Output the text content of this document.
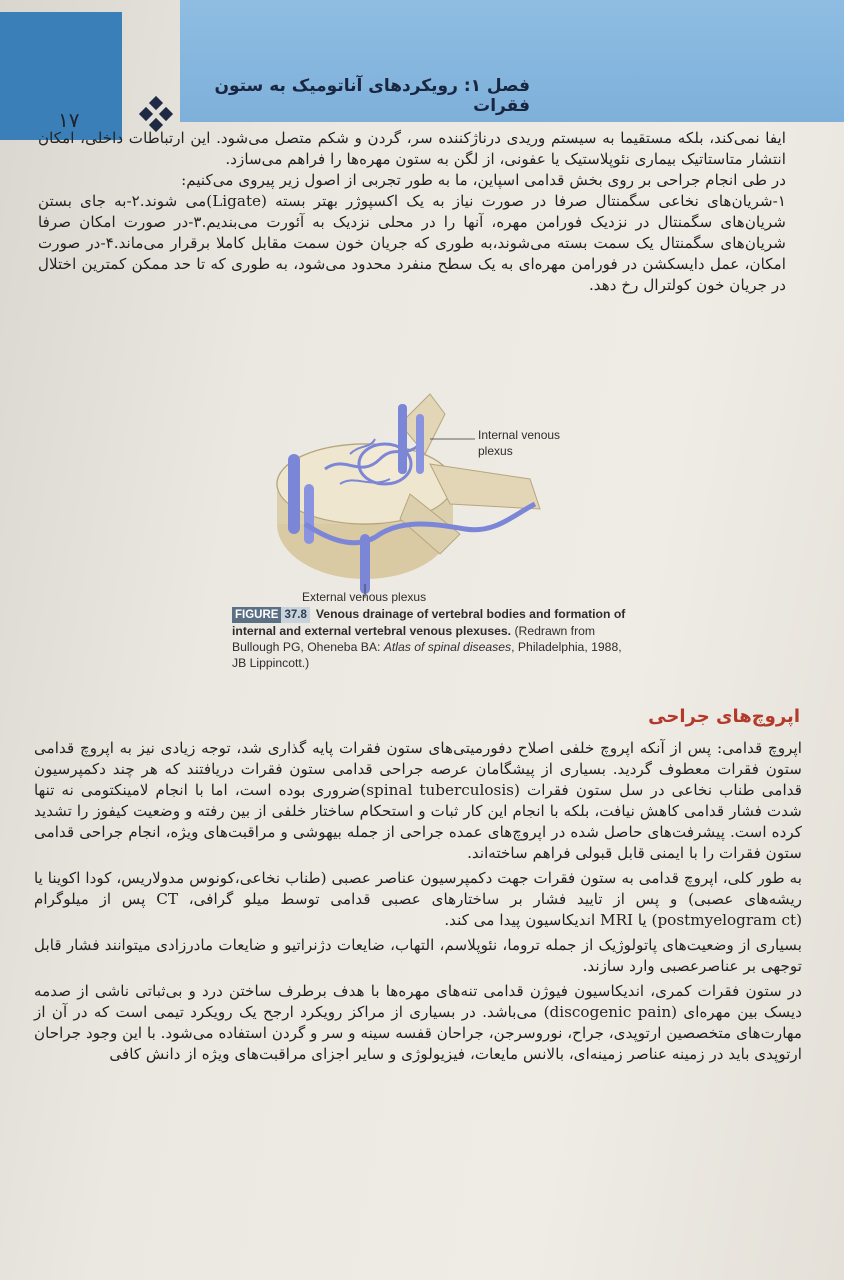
۱۷
فصل ۱: رویکردهای آناتومیک به ستون فقرات

ایفا نمی‌کند، بلکه مستقیما به سیستم وریدی درناژکننده سر، گردن و شکم متصل می‌شود. این ارتباطات داخلی، امکان انتشار متاستاتیک بیماری نئوپلاستیک یا عفونی، از لگن به ستون مهره‌ها را فراهم می‌سازد.

در طی انجام جراحی بر روی بخش قدامی اسپاین، ما به طور تجربی از اصول زیر پیروی می‌کنیم:

۱-شریان‌های نخاعی سگمنتال صرفا در صورت نیاز به یک اکسپوژر بهتر بسته (Ligate)می شوند.۲-به جای بستن شریان‌های سگمنتال در نزدیک فورامن مهره، آنها را در محلی نزدیک به آئورت می‌بندیم.۳-در صورت امکان صرفا شریان‌های سگمنتال یک سمت بسته می‌شوند،به طوری که جریان خون سمت مقابل کاملا برقرار می‌ماند.۴-در صورت امکان، عمل دایسکشن در فورامن مهره‌ای به یک سطح منفرد محدود می‌شود، به طوری که تا حد ممکن کمترین اختلال در جریان خون کولترال رخ دهد.

Internal venous
plexus
External venous plexus
FIGURE 37.8 Venous drainage of vertebral bodies and formation of internal and external vertebral venous plexuses. (Redrawn from Bullough PG, Oheneba BA: Atlas of spinal diseases, Philadelphia, 1988, JB Lippincott.)
اپروچ‌های جراحی

اپروچ قدامی: پس از آنکه اپروچ خلفی اصلاح دفورمیتی‌های ستون فقرات پایه گذاری شد، توجه زیادی نیز به اپروچ قدامی ستون فقرات معطوف گردید. بسیاری از پیشگامان عرصه جراحی قدامی ستون فقرات دریافتند که هر چند دکمپرسیون قدامی طناب نخاعی در سل ستون فقرات (spinal tuberculosis)ضروری بوده است، اما با انجام لامینکتومی نه تنها شدت فشار قدامی کاهش نیافت، بلکه با انجام این کار ثبات و استحکام ساختار خلفی از بین رفته و وضعیت کیفوز را تشدید کرده است. پیشرفت‌های حاصل شده در اپروچ‌های عمده جراحی از جمله بیهوشی و مراقبت‌های ویژه، انجام جراحی قدامی ستون فقرات را با ایمنی قابل قبولی فراهم ساخته‌اند.

به طور کلی، اپروچ قدامی به ستون فقرات جهت دکمپرسیون عناصر عصبی (طناب نخاعی،کونوس مدولاریس، کودا اکوینا یا ریشه‌های عصبی) و پس از تایید فشار بر ساختارهای عصبی قدامی توسط میلو گرافی، CT پس از میلوگرام (postmyelogram ct) یا MRI اندیکاسیون پیدا می کند.

بسیاری از وضعیت‌های پاتولوژیک از جمله تروما، نئوپلاسم، التهاب، ضایعات دژنراتیو و ضایعات مادرزادی میتوانند فشار قابل توجهی بر عناصرعصبی وارد سازند.

در ستون فقرات کمری، اندیکاسیون فیوژن قدامی تنه‌های مهره‌ها با هدف برطرف ساختن درد و بی‌ثباتی ناشی از صدمه دیسک بین مهره‌ای (discogenic pain) می‌باشد. در بسیاری از مراکز رویکرد ارجح یک رویکرد تیمی است که در آن از مهارت‌های متخصصین ارتوپدی، جراح، نوروسرجن، جراحان قفسه سینه و سر و گردن استفاده می‌شود. با این وجود جراحان ارتوپدی باید در زمینه عناصر زمینه‌ای، بالانس مایعات، فیزیولوژی و سایر اجزای مراقبت‌های ویژه از دانش کافی
